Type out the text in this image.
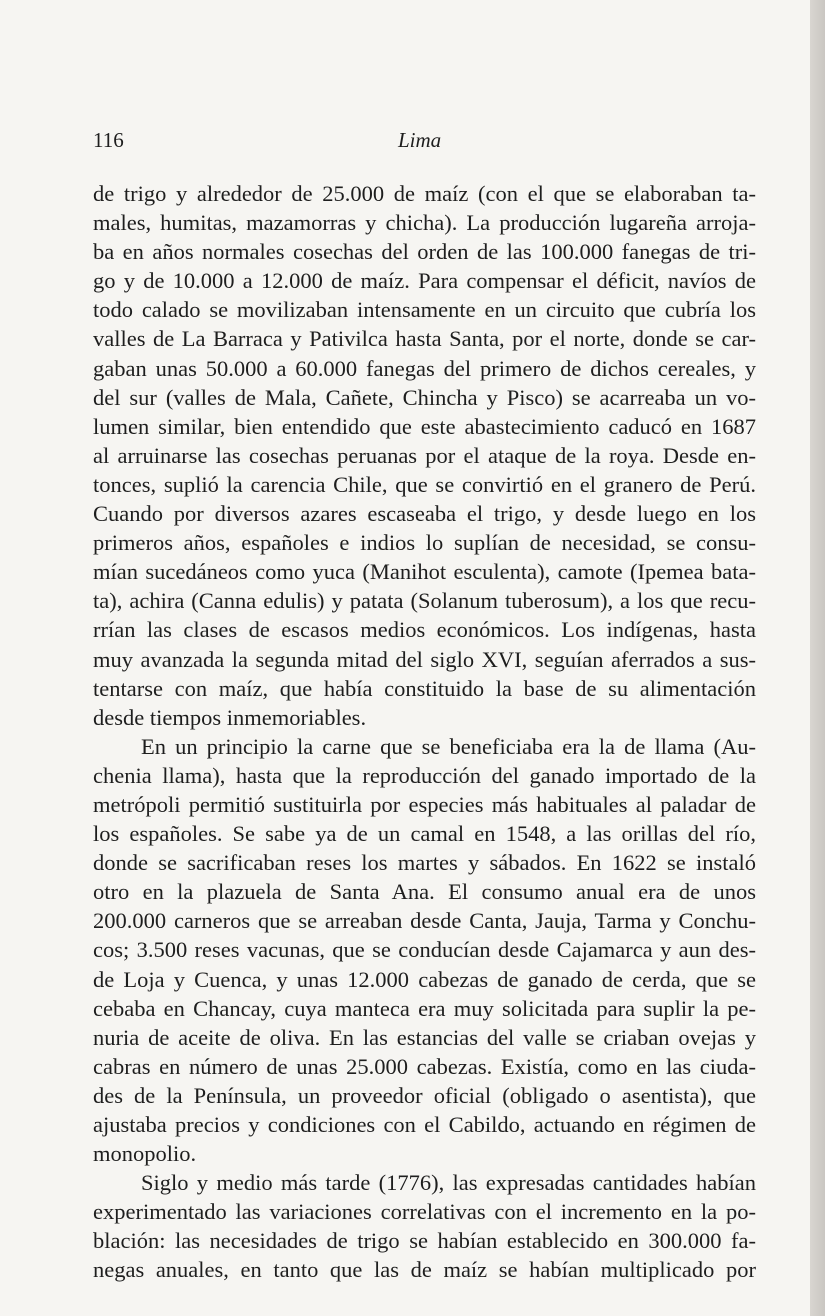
116	Lima
de trigo y alrededor de 25.000 de maíz (con el que se elaboraban ta-
males, humitas, mazamorras y chicha). La producción lugareña arroja-
ba en años normales cosechas del orden de las 100.000 fanegas de tri-
go y de 10.000 a 12.000 de maíz. Para compensar el déficit, navíos de
todo calado se movilizaban intensamente en un circuito que cubría los
valles de La Barraca y Pativilca hasta Santa, por el norte, donde se car-
gaban unas 50.000 a 60.000 fanegas del primero de dichos cereales, y
del sur (valles de Mala, Cañete, Chincha y Pisco) se acarreaba un vo-
lumen similar, bien entendido que este abastecimiento caducó en 1687
al arruinarse las cosechas peruanas por el ataque de la roya. Desde en-
tonces, suplió la carencia Chile, que se convirtió en el granero de Perú.
Cuando por diversos azares escaseaba el trigo, y desde luego en los
primeros años, españoles e indios lo suplían de necesidad, se consu-
mían sucedáneos como yuca (Manihot esculenta), camote (Ipemea bata-
ta), achira (Canna edulis) y patata (Solanum tuberosum), a los que recu-
rrían las clases de escasos medios económicos. Los indígenas, hasta
muy avanzada la segunda mitad del siglo XVI, seguían aferrados a sus-
tentarse con maíz, que había constituido la base de su alimentación
desde tiempos inmemoriables.
En un principio la carne que se beneficiaba era la de llama (Au-
chenia llama), hasta que la reproducción del ganado importado de la
metrópoli permitió sustituirla por especies más habituales al paladar de
los españoles. Se sabe ya de un camal en 1548, a las orillas del río,
donde se sacrificaban reses los martes y sábados. En 1622 se instaló
otro en la plazuela de Santa Ana. El consumo anual era de unos
200.000 carneros que se arreaban desde Canta, Jauja, Tarma y Conchu-
cos; 3.500 reses vacunas, que se conducían desde Cajamarca y aun des-
de Loja y Cuenca, y unas 12.000 cabezas de ganado de cerda, que se
cebaba en Chancay, cuya manteca era muy solicitada para suplir la pe-
nuria de aceite de oliva. En las estancias del valle se criaban ovejas y
cabras en número de unas 25.000 cabezas. Existía, como en las ciuda-
des de la Península, un proveedor oficial (obligado o asentista), que
ajustaba precios y condiciones con el Cabildo, actuando en régimen de
monopolio.
Siglo y medio más tarde (1776), las expresadas cantidades habían
experimentado las variaciones correlativas con el incremento en la po-
blación: las necesidades de trigo se habían establecido en 300.000 fa-
negas anuales, en tanto que las de maíz se habían multiplicado por
